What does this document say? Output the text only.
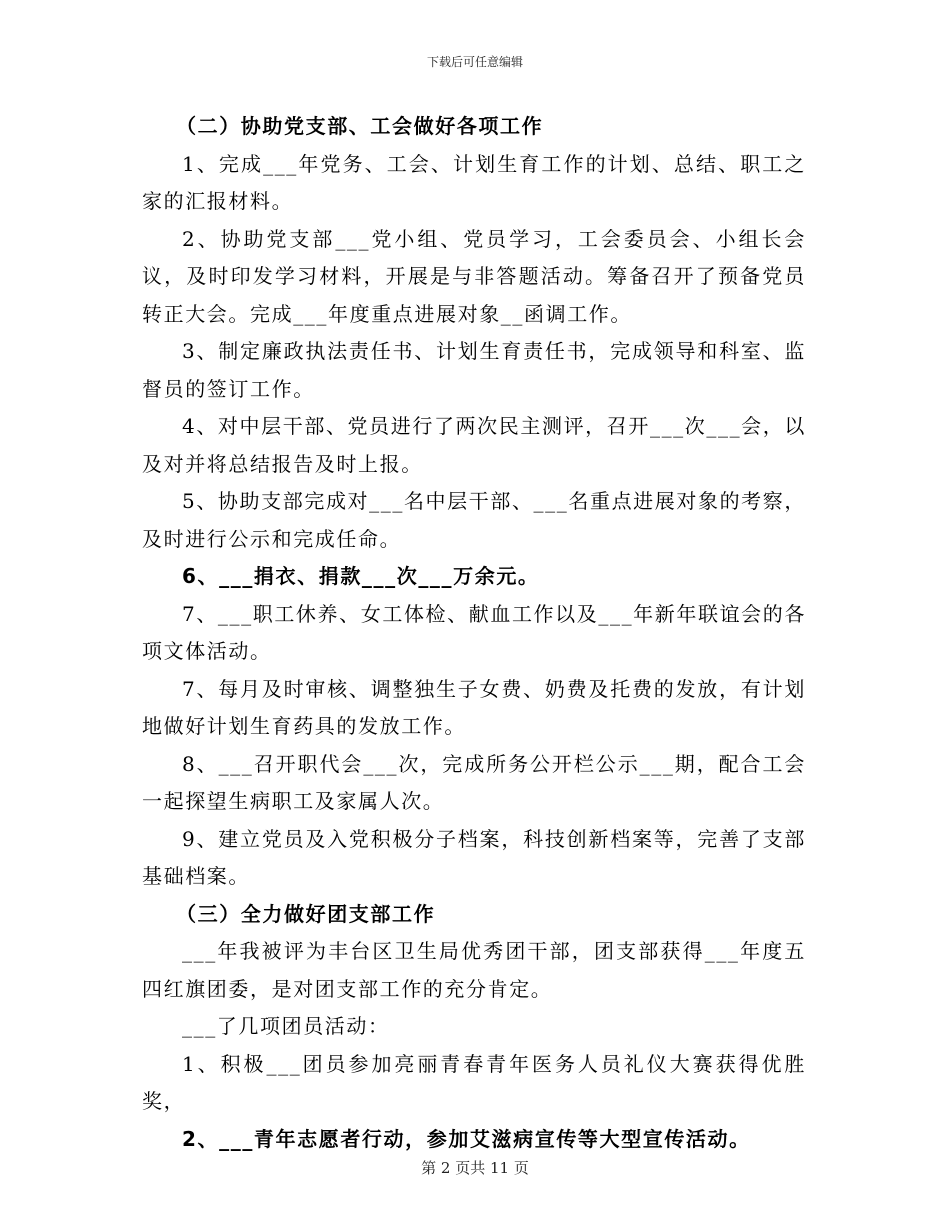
下载后可任意编辑

（二）协助党支部、工会做好各项工作

1、完成___年党务、工会、计划生育工作的计划、总结、职工之家的汇报材料。

2、协助党支部___党小组、党员学习，工会委员会、小组长会议，及时印发学习材料，开展是与非答题活动。筹备召开了预备党员转正大会。完成___年度重点进展对象__函调工作。

3、制定廉政执法责任书、计划生育责任书，完成领导和科室、监督员的签订工作。

4、对中层干部、党员进行了两次民主测评，召开___次___会，以及对并将总结报告及时上报。

5、协助支部完成对___名中层干部、___名重点进展对象的考察，及时进行公示和完成任命。

6、___捐衣、捐款___次___万余元。

7、___职工休养、女工体检、献血工作以及___年新年联谊会的各项文体活动。

7、每月及时审核、调整独生子女费、奶费及托费的发放，有计划地做好计划生育药具的发放工作。

8、___召开职代会___次，完成所务公开栏公示___期，配合工会一起探望生病职工及家属人次。

9、建立党员及入党积极分子档案，科技创新档案等，完善了支部基础档案。

（三）全力做好团支部工作

___年我被评为丰台区卫生局优秀团干部，团支部获得___年度五四红旗团委，是对团支部工作的充分肯定。

___了几项团员活动：

1、积极___团员参加亮丽青春青年医务人员礼仪大赛获得优胜奖，

2、___青年志愿者行动，参加艾滋病宣传等大型宣传活动。

第 2 页共 11 页
